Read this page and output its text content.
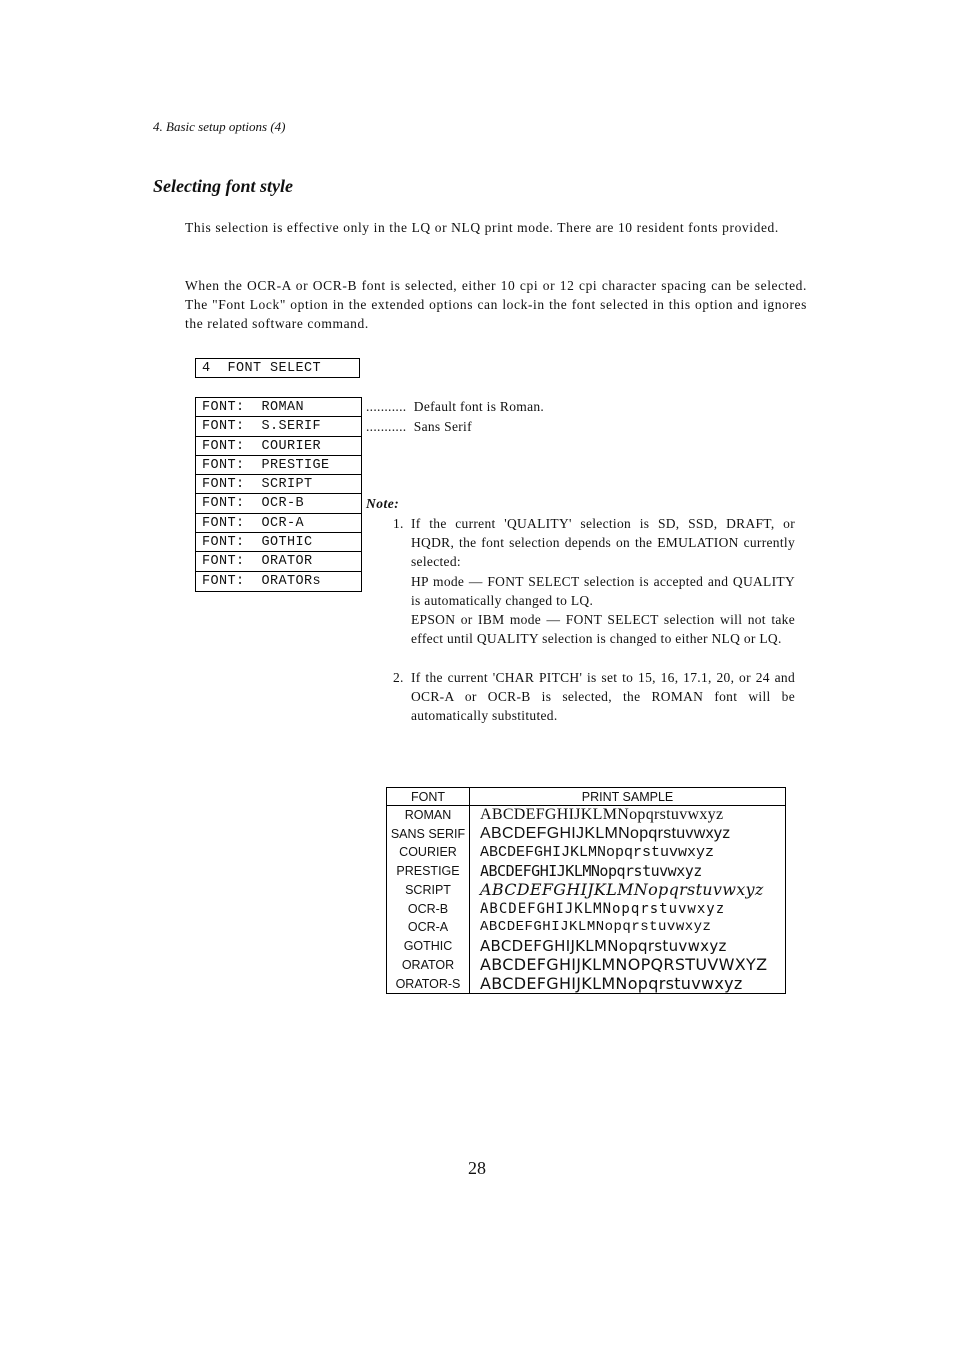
4. Basic setup options (4)
Selecting font style
This selection is effective only in the LQ or NLQ print mode. There are 10 resident fonts provided.
When the OCR-A or OCR-B font is selected, either 10 cpi or 12 cpi character spacing can be selected. The "Font Lock" option in the extended options can lock-in the font selected in this option and ignores the related software command.
4  FONT SELECT
FONT:  ROMAN
FONT:  S.SERIF
FONT:  COURIER
FONT:  PRESTIGE
FONT:  SCRIPT
FONT:  OCR-B
FONT:  OCR-A
FONT:  GOTHIC
FONT:  ORATOR
FONT:  ORATORs
...........  Default font is Roman.
...........  Sans Serif
Note:
1. If the current 'QUALITY' selection is SD, SSD, DRAFT, or HQDR, the font selection depends on the EMULATION currently selected:
HP mode — FONT SELECT selection is accepted and QUALITY is automatically changed to LQ.
EPSON or IBM mode — FONT SELECT selection will not take effect until QUALITY selection is changed to either NLQ or LQ.
2. If the current 'CHAR PITCH' is set to 15, 16, 17.1, 20, or 24 and OCR-A or OCR-B is selected, the ROMAN font will be automatically substituted.
FONT	PRINT SAMPLE
ROMAN	ABCDEFGHIJKLMNopqrstuvwxyz
SANS SERIF	ABCDEFGHIJKLMNopqrstuvwxyz
COURIER	ABCDEFGHIJKLMNopqrstuvwxyz
PRESTIGE	ABCDEFGHIJKLMNopqrstuvwxyz
SCRIPT	ABCDEFGHIJKLMNopqrstuvwxyz
OCR-B	ABCDEFGHIJKLMNopqrstuvwxyz
OCR-A	ABCDEFGHIJKLMNopqrstuvwxyz
GOTHIC	ABCDEFGHIJKLMNopqrstuvwxyz
ORATOR	ABCDEFGHIJKLMNOPQRSTUVWXYZ
ORATOR-S	ABCDEFGHIJKLMNopqrstuvwxyz
28
